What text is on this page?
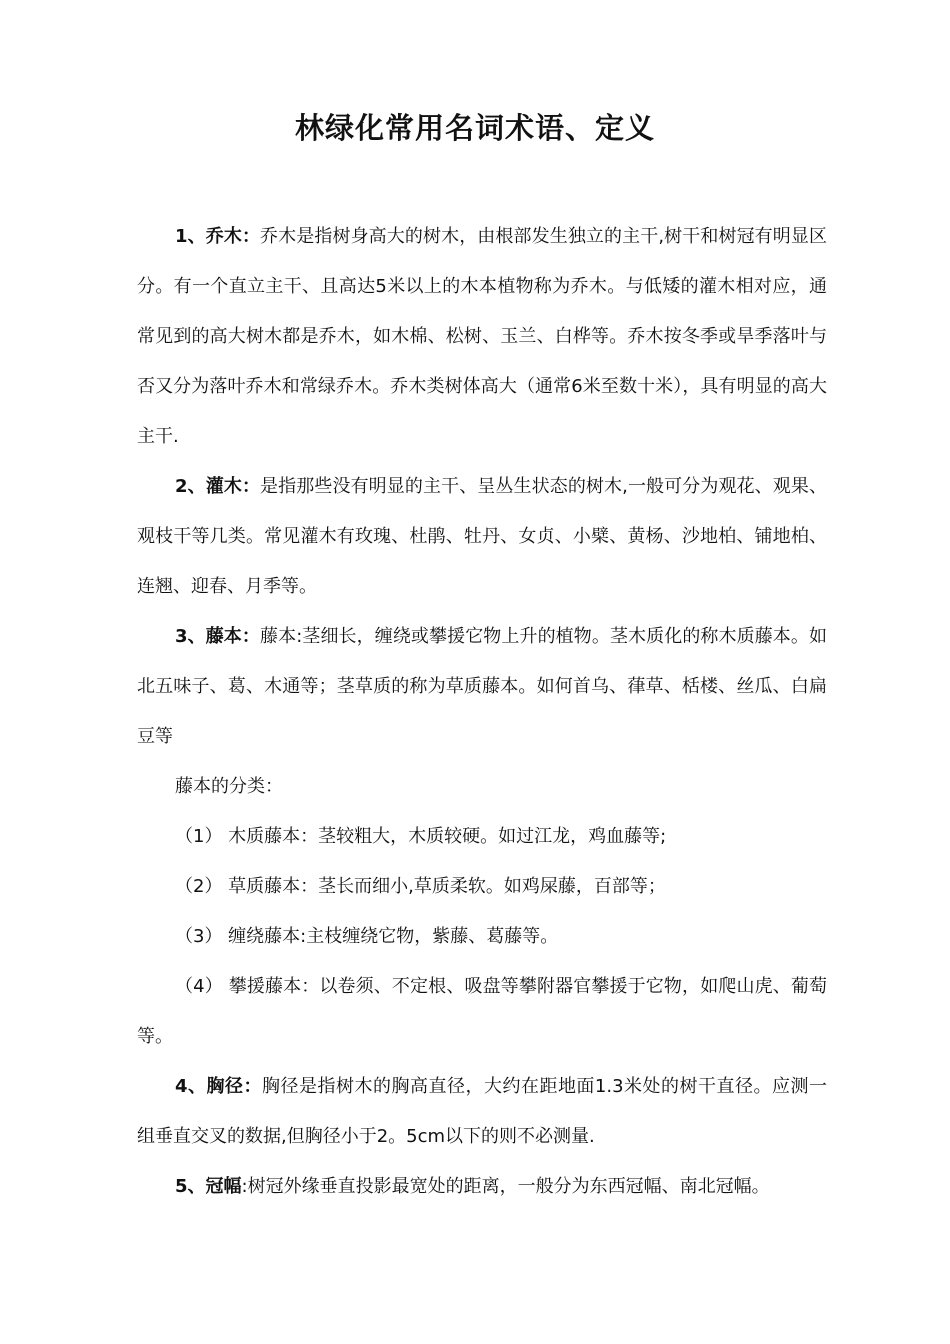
林绿化常用名词术语、定义

1、乔木：乔木是指树身高大的树木，由根部发生独立的主干,树干和树冠有明显区分。有一个直立主干、且高达5米以上的木本植物称为乔木。与低矮的灌木相对应，通常见到的高大树木都是乔木，如木棉、松树、玉兰、白桦等。乔木按冬季或旱季落叶与否又分为落叶乔木和常绿乔木。乔木类树体高大（通常6米至数十米），具有明显的高大主干.

2、灌木：是指那些没有明显的主干、呈丛生状态的树木,一般可分为观花、观果、观枝干等几类。常见灌木有玫瑰、杜鹃、牡丹、女贞、小檗、黄杨、沙地柏、铺地柏、连翘、迎春、月季等。

3、藤本：藤本:茎细长，缠绕或攀援它物上升的植物。茎木质化的称木质藤本。如北五味子、葛、木通等；茎草质的称为草质藤本。如何首乌、葎草、栝楼、丝瓜、白扁豆等

藤本的分类：

（1） 木质藤本：茎较粗大，木质较硬。如过江龙，鸡血藤等;

（2） 草质藤本：茎长而细小,草质柔软。如鸡屎藤，百部等；

（3） 缠绕藤本:主枝缠绕它物，紫藤、葛藤等。

（4） 攀援藤本：以卷须、不定根、吸盘等攀附器官攀援于它物，如爬山虎、葡萄等。

4、胸径：胸径是指树木的胸高直径，大约在距地面1.3米处的树干直径。应测一组垂直交叉的数据,但胸径小于2。5cm以下的则不必测量.

5、冠幅:树冠外缘垂直投影最宽处的距离，一般分为东西冠幅、南北冠幅。
